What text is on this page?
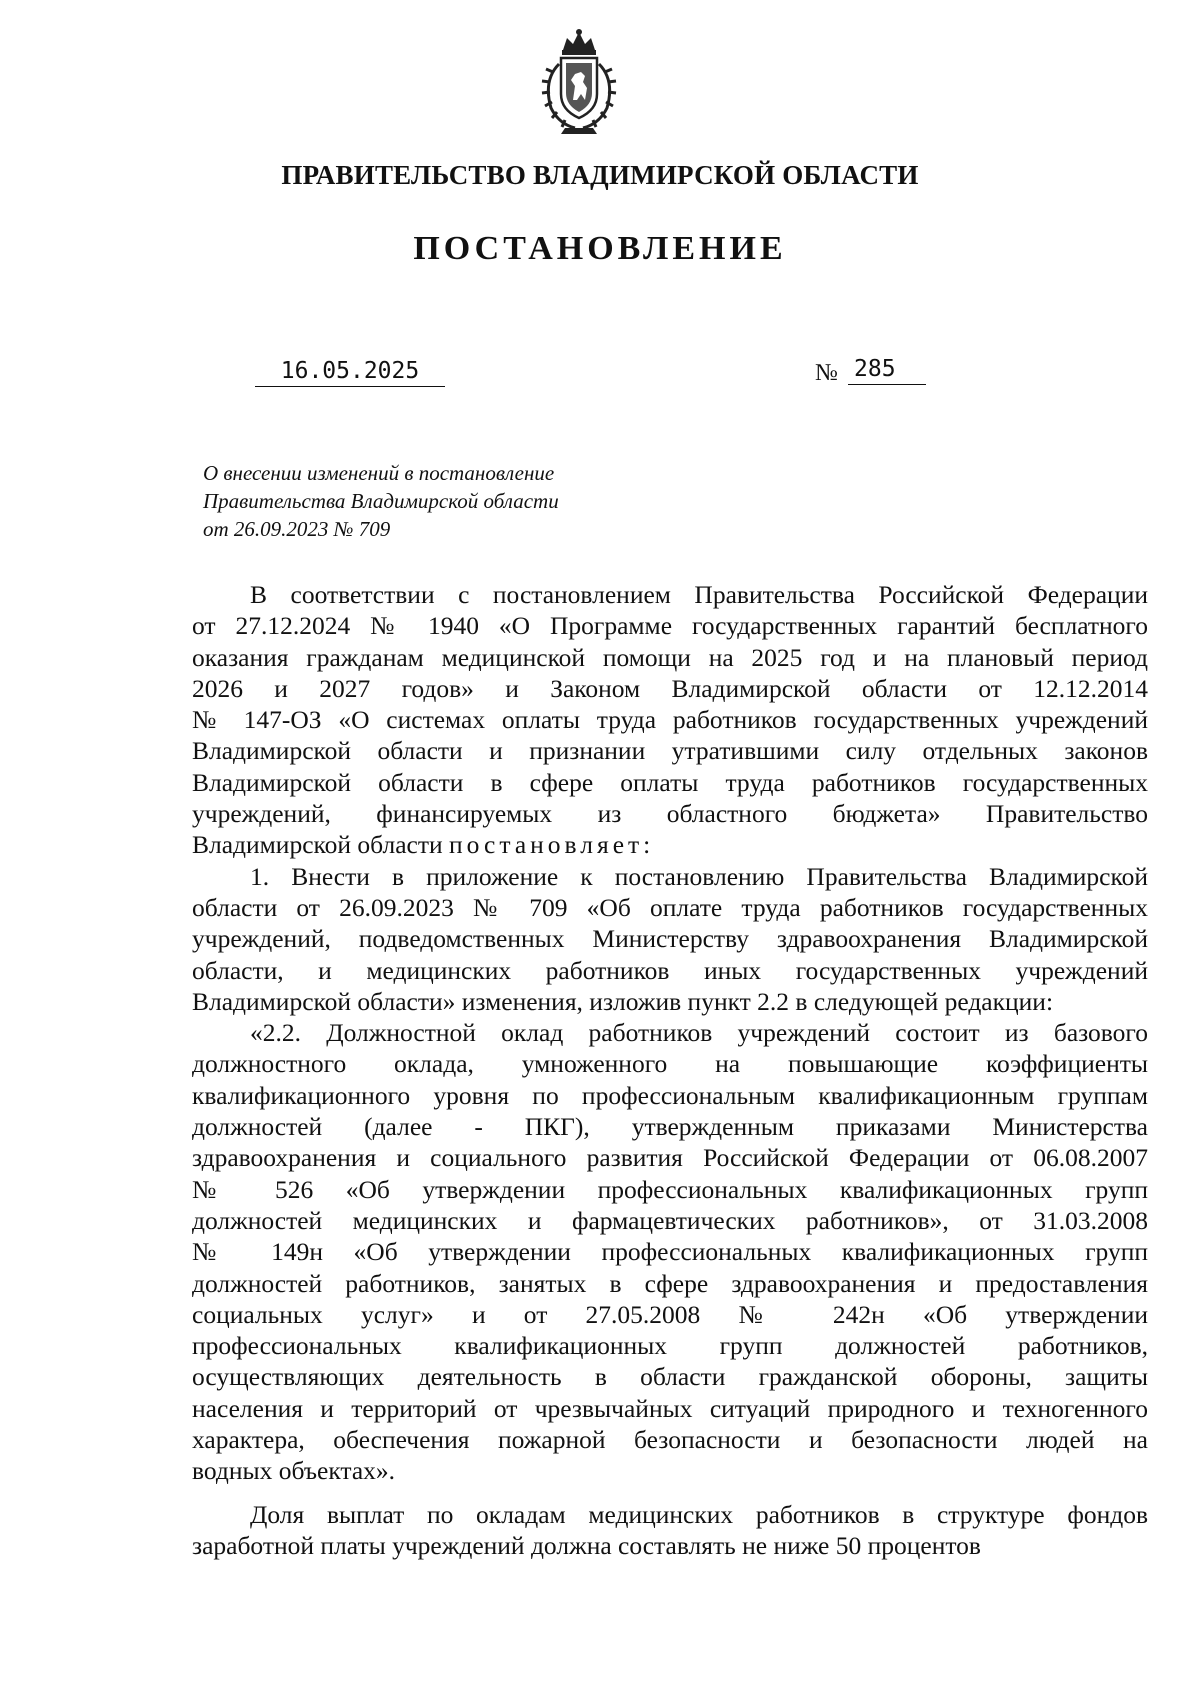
ПРАВИТЕЛЬСТВО ВЛАДИМИРСКОЙ ОБЛАСТИ
ПОСТАНОВЛЕНИЕ
16.05.2025	№ 285
О внесении изменений в постановление
Правительства Владимирской области
от 26.09.2023 № 709
В соответствии с постановлением Правительства Российской Федерации
от 27.12.2024 № 1940 «О Программе государственных гарантий бесплатного
оказания гражданам медицинской помощи на 2025 год и на плановый период
2026 и 2027 годов» и Законом Владимирской области от 12.12.2014
№ 147-ОЗ «О системах оплаты труда работников государственных учреждений
Владимирской области и признании утратившими силу отдельных законов
Владимирской области в сфере оплаты труда работников государственных
учреждений, финансируемых из областного бюджета» Правительство
Владимирской области постановляет:
1. Внести в приложение к постановлению Правительства Владимирской
области от 26.09.2023 № 709 «Об оплате труда работников государственных
учреждений, подведомственных Министерству здравоохранения Владимирской
области, и медицинских работников иных государственных учреждений
Владимирской области» изменения, изложив пункт 2.2 в следующей редакции:
«2.2. Должностной оклад работников учреждений состоит из базового
должностного оклада, умноженного на повышающие коэффициенты
квалификационного уровня по профессиональным квалификационным группам
должностей (далее - ПКГ), утвержденным приказами Министерства
здравоохранения и социального развития Российской Федерации от 06.08.2007
№ 526 «Об утверждении профессиональных квалификационных групп
должностей медицинских и фармацевтических работников», от 31.03.2008
№ 149н «Об утверждении профессиональных квалификационных групп
должностей работников, занятых в сфере здравоохранения и предоставления
социальных услуг» и от 27.05.2008 № 242н «Об утверждении
профессиональных квалификационных групп должностей работников,
осуществляющих деятельность в области гражданской обороны, защиты
населения и территорий от чрезвычайных ситуаций природного и техногенного
характера, обеспечения пожарной безопасности и безопасности людей на
водных объектах».
Доля выплат по окладам медицинских работников в структуре фондов
заработной платы учреждений должна составлять не ниже 50 процентов
